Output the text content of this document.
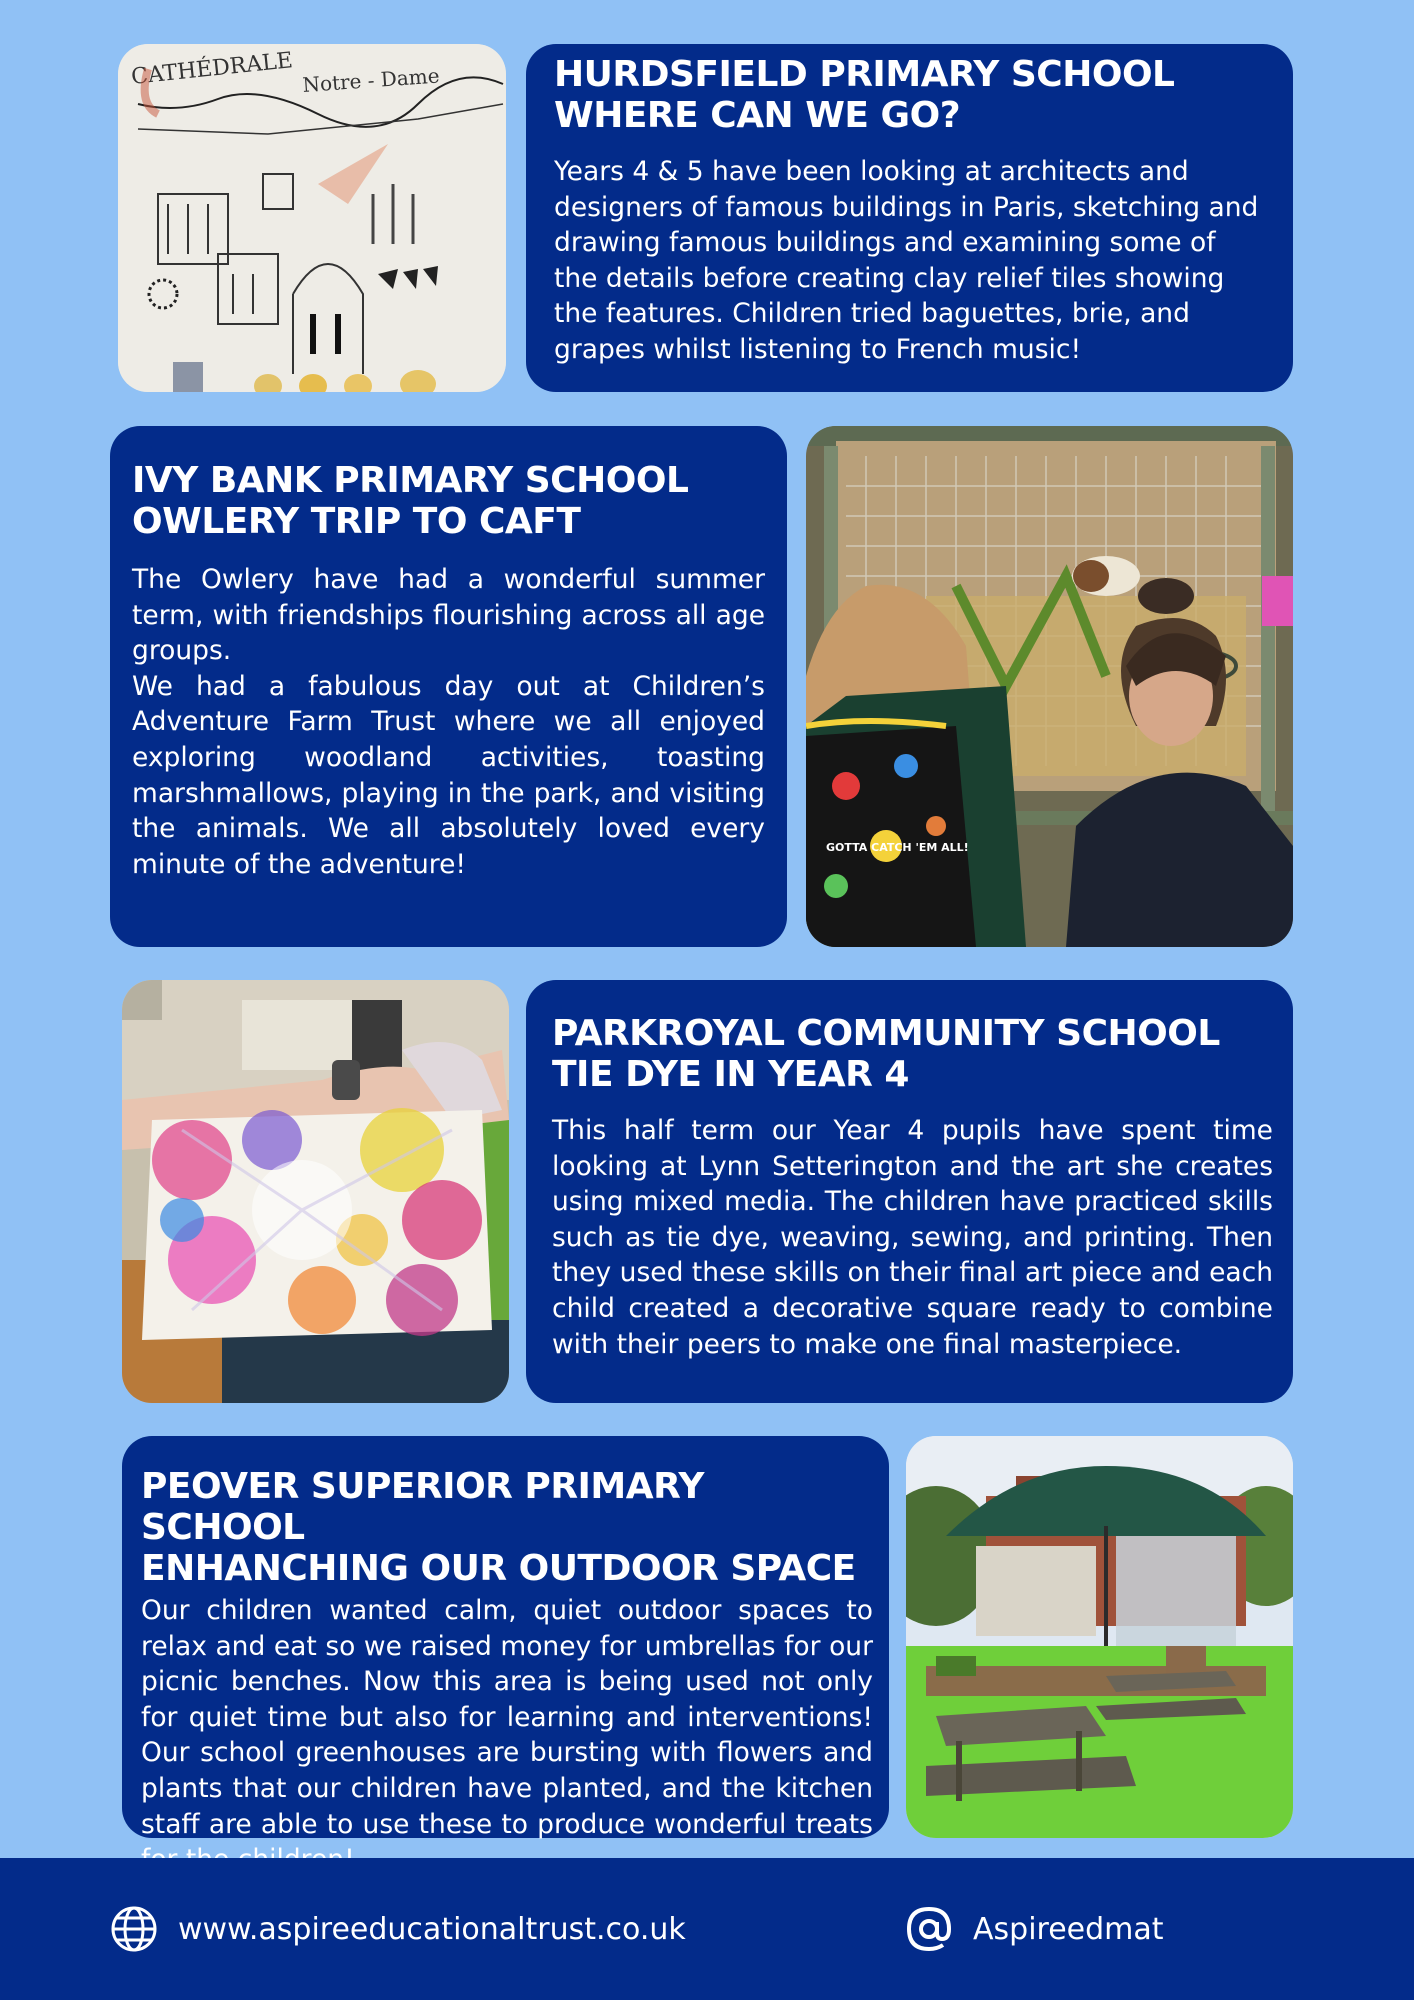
CATHÉDRALE Notre - Dame	HURDSFIELD PRIMARY SCHOOL
WHERE CAN WE GO?

Years 4 & 5 have been looking at architects and designers of famous buildings in Paris, sketching and drawing famous buildings and examining some of the details before creating clay relief tiles showing the features. Children tried baguettes, brie, and grapes whilst listening to French music!

IVY BANK PRIMARY SCHOOL
OWLERY TRIP TO CAFT

The Owlery have had a wonderful summer term, with friendships flourishing across all age groups.

We had a fabulous day out at Children’s Adventure Farm Trust where we all enjoyed exploring woodland activities, toasting marshmallows, playing in the park, and visiting the animals. We all absolutely loved every minute of the adventure!

GOTTA CATCH 'EM ALL!
PARKROYAL COMMUNITY SCHOOL
TIE DYE IN YEAR 4

This half term our Year 4 pupils have spent time looking at Lynn Setterington and the art she creates using mixed media. The children have practiced skills such as tie dye, weaving, sewing, and printing. Then they used these skills on their final art piece and each child created a decorative square ready to combine with their peers to make one final masterpiece.

PEOVER SUPERIOR PRIMARY SCHOOL
ENHANCHING OUR OUTDOOR SPACE

Our children wanted calm, quiet outdoor spaces to relax and eat so we raised money for umbrellas for our picnic benches. Now this area is being used not only for quiet time but also for learning and interventions! Our school greenhouses are bursting with flowers and plants that our children have planted, and the kitchen staff are able to use these to produce wonderful treats

www.aspireeducationaltrust.co.uk	Aspireedmat
